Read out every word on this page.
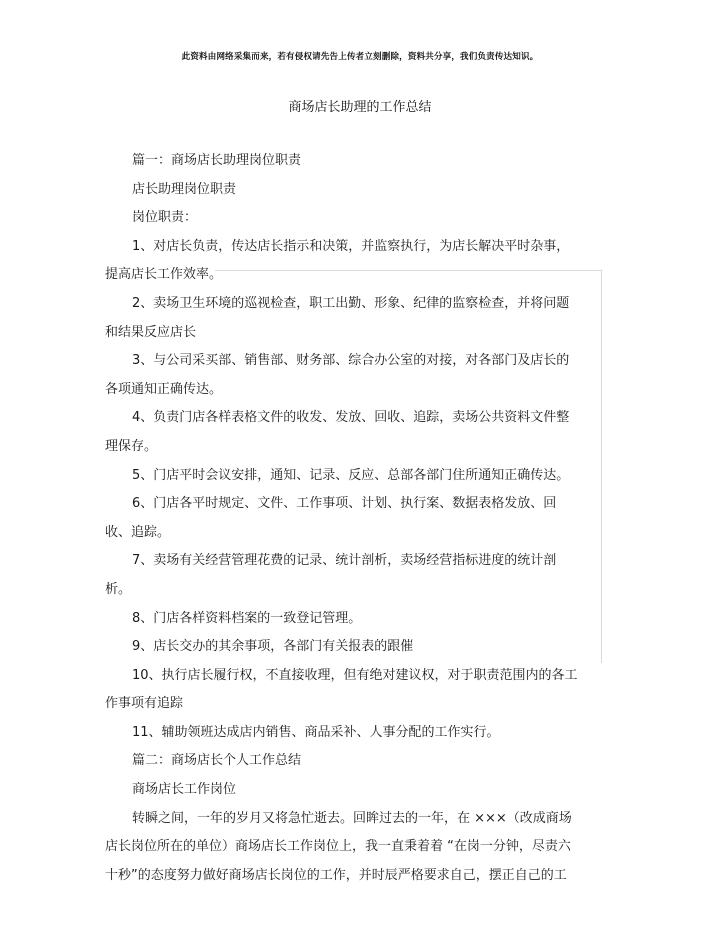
此资料由网络采集而来，若有侵权请先告上传者立刻删除，资料共分享，我们负责传达知识。
商场店长助理的工作总结

篇一：商场店长助理岗位职责

店长助理岗位职责

岗位职责：

1、对店长负责，传达店长指示和决策，并监察执行，为店长解决平时杂事，提高店长工作效率。

2、卖场卫生环境的巡视检查，职工出勤、形象、纪律的监察检查，并将问题和结果反应店长

3、与公司采买部、销售部、财务部、综合办公室的对接，对各部门及店长的各项通知正确传达。

4、负责门店各样表格文件的收发、发放、回收、追踪，卖场公共资料文件整理保存。

5、门店平时会议安排，通知、记录、反应、总部各部门住所通知正确传达。

6、门店各平时规定、文件、工作事项、计划、执行案、数据表格发放、回收、追踪。

7、卖场有关经营管理花费的记录、统计剖析，卖场经营指标进度的统计剖析。

8、门店各样资料档案的一致登记管理。

9、店长交办的其余事项，各部门有关报表的跟催

10、执行店长履行权，不直接收理，但有绝对建议权，对于职责范围内的各工作事项有追踪

11、辅助领班达成店内销售、商品采补、人事分配的工作实行。

篇二：商场店长个人工作总结

商场店长工作岗位

转瞬之间，一年的岁月又将急忙逝去。回眸过去的一年，在 ×××（改成商场店长岗位所在的单位）商场店长工作岗位上，我一直秉着着 “在岗一分钟，尽责六十秒”的态度努力做好商场店长岗位的工作，并时辰严格要求自己，摆正自己的工
